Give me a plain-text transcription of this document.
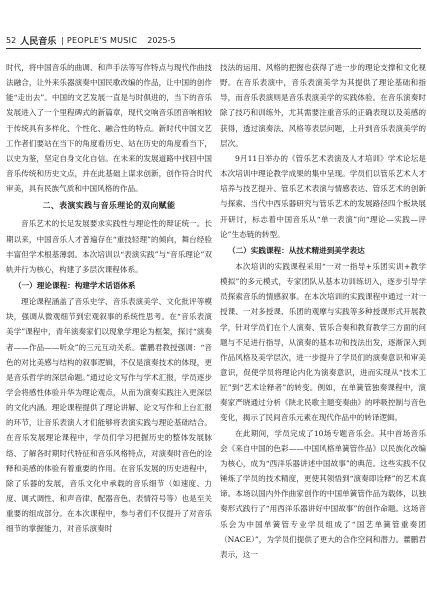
52 人民音乐 | PEOPLE'S MUSIC 2025-5

时代，将中国音乐的曲调、和声手法等写作特点与现代作曲技法融合，让外来乐器演奏中国民歌改编的作品，让中国的创作能“走出去”。中国的文艺发展一直是与时俱进的，当下的音乐发展进入了一个里程碑式的新篇章，现代交响音乐团音响相较于传统具有多样化、个性化、融合性的特点。新时代中国文艺工作者们要站在当下的角度看历史、站在历史的角度看当下，以史为鉴，坚定自身文化自信。在未来的发展道路中找回中国音乐传统和历史文点，并在此基础上谋求创新，创作符合时代审美，具有民族气质和中国风格的作品。

二、表演实践与音乐理论的双向赋能

音乐艺术的长足发展要求实践性与理论性的辩证统一。长期以来，中国音乐人才普遍存在“重技轻理”的倾向，舞台经验丰富但学术根基薄弱。本次培训以“表演实践”与“音乐理论”双轨并行为核心，构建了多层次课程体系。

（一）理论课程：构建学术话语体系

理论课程涵盖了音乐史学、音乐表演美学、文化批评等模块，强调从微观细节到宏观叙事的系统性思考。在“音乐表演美学”课程中，青年演奏家们以现象学理论为框架，探讨“演奏者——作品——听众”的三元互动关系。藿鹏君教授强调：“音色的对比美感与结构的叙事逻辑，不仅是演奏技术的体现，更是音乐哲学的深层命题。”通过论文写作与学术汇报，学员逐步学会将感性体验升华为理论观点，从而为演奏实践注入更深层的文化内涵。理论课程提供了理论讲解、论文写作和上台汇报的环节，让音乐表演人才们能够将表演实践与理论基础结合。在音乐发展理论课程中，学员们学习把握历史的整体发展脉络、了解各时期时代特征和音乐风格特点，对演奏时音色的诠释和美感的体验有着重要的作用。在音乐发展的历史进程中，除了乐器的发展，音乐文化中承载的音乐细节（如速度、力度、调式调性、和声音律、配器音色、表情符号等）也是至关重要的组成部分。在本次课程中，参与者们不仅提升了对音乐细节的掌握能力，对音乐演奏时

技法的运用、风格的把握也获得了进一步的理论支撑和文化视野。在音乐表演中，音乐表演美学为其提供了理论基础和指导，而音乐表演则是音乐表演美学的实践体验。在音乐演奏时除了技巧和训练外，尤其需要注重音乐的正确表现以及美感的获得，透过演奏法、风格等表层问题，上升到音乐表演美学的层次。

9月11日举办的《管乐艺术表演及人才培训》学术论坛是本次培训中理论教学成果的集中呈现。学员们以管乐艺术人才培养与技艺提升、管乐艺术表演与情感表达、管乐艺术的创新与探索、当代中西乐器研究与管乐艺术的发展路径四个板块展开研讨，标志着中国音乐从“单一表演”向“理论—实践—评论”生态链的转型。

（二）实践课程：从技术精进到美学表达

本次培训的实践课程采用“一对一指导+乐团实训+教学模拟”的多元模式，专家团队从基本功训练切入，逐步引导学员探索音乐的情感叙事。在本次培训的实践课程中通过一对一授课、一对多授课、乐团的观摩与实践等多种授课形式开展教学，针对学员们在个人演奏、管乐合奏和教育教学三方面的问题与不足进行指导，从演奏的基本功和技法出发，逐渐深入到作品风格及美学层次，进一步提升了学员们的演奏意识和审美意识，促使学员将理论内化为演奏意识，进而实现从“技术工匠”到“艺术诠释者”的转变。例如，在单簧管独奏课程中，演奏家严晓通过分析《陕北民歌主题变奏曲》的呼吸控制与音色变化，揭示了民间音乐元素在现代作品中的转译逻辑。

在此期间，学员完成了10场专题音乐会。其中首场音乐会《来自中国的色彩——中国风格单簧管作品》以民族化改编为核心，成为“西洋乐器讲述中国故事”的典范。这些实践不仅锤炼了学员的技术精度，更使其领悟到“演奏即诠释”的艺术真谛。本场以国内外作曲家创作的中国单簧管作品为载体，以独奏形式践行了“用西洋乐器讲好中国故事”的创作命题。这场音乐会为中国单簧管专业学员组成了“国艺单簧管重奏团（NACE）”，为学员们提供了更大的合作空间和潜力。藿鹏君表示，这一
